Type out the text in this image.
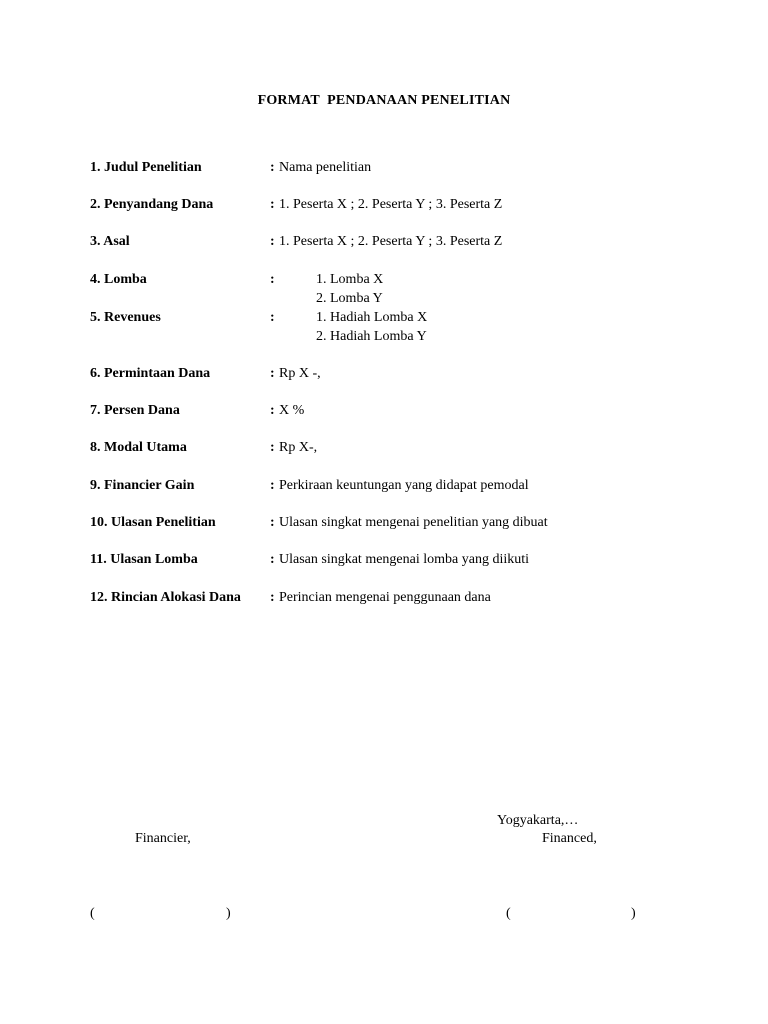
FORMAT  PENDANAAN PENELITIAN
1. Judul Penelitian	: Nama penelitian
2. Penyandang Dana	: 1. Peserta X ; 2. Peserta Y ; 3. Peserta Z
3. Asal	: 1. Peserta X ; 2. Peserta Y ; 3. Peserta Z
4. Lomba	:	1. Lomba X
2. Lomba Y
5. Revenues	:	1. Hadiah Lomba X
2. Hadiah Lomba Y
6. Permintaan Dana	: Rp X -,
7. Persen Dana	: X %
8. Modal Utama	: Rp X-,
9. Financier Gain	: Perkiraan keuntungan yang didapat pemodal
10. Ulasan Penelitian	: Ulasan singkat mengenai penelitian yang dibuat
11. Ulasan Lomba	: Ulasan singkat mengenai lomba yang diikuti
12. Rincian Alokasi Dana : Perincian mengenai penggunaan dana
Yogyakarta,…
Financier,	Financed,
(	)	(	)
